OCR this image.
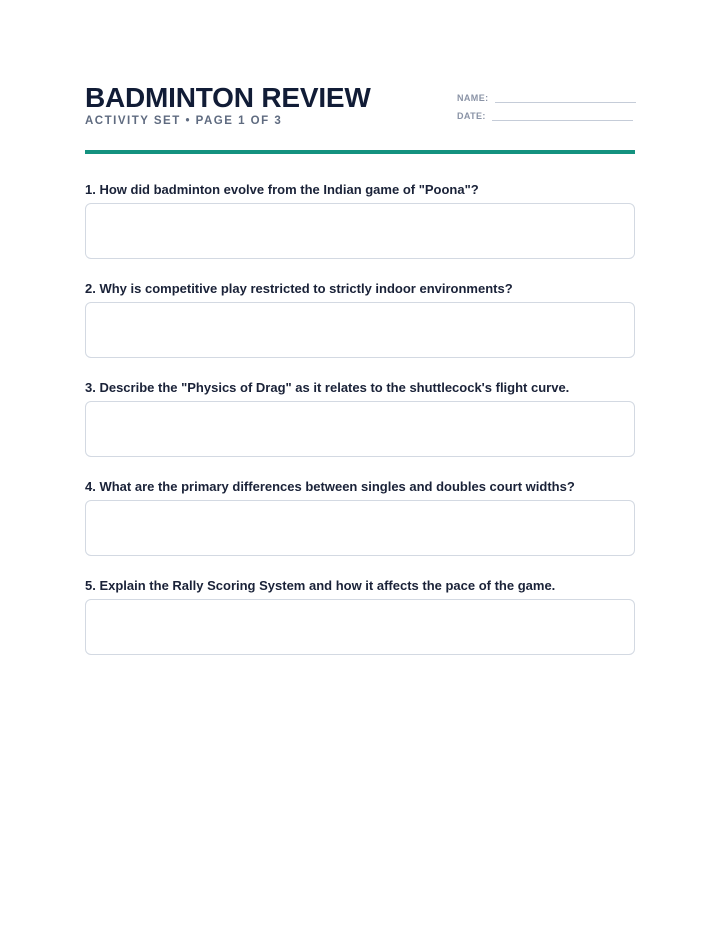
BADMINTON REVIEW
ACTIVITY SET • PAGE 1 OF 3
NAME:
DATE:
1. How did badminton evolve from the Indian game of "Poona"?
2. Why is competitive play restricted to strictly indoor environments?
3. Describe the "Physics of Drag" as it relates to the shuttlecock's flight curve.
4. What are the primary differences between singles and doubles court widths?
5. Explain the Rally Scoring System and how it affects the pace of the game.
